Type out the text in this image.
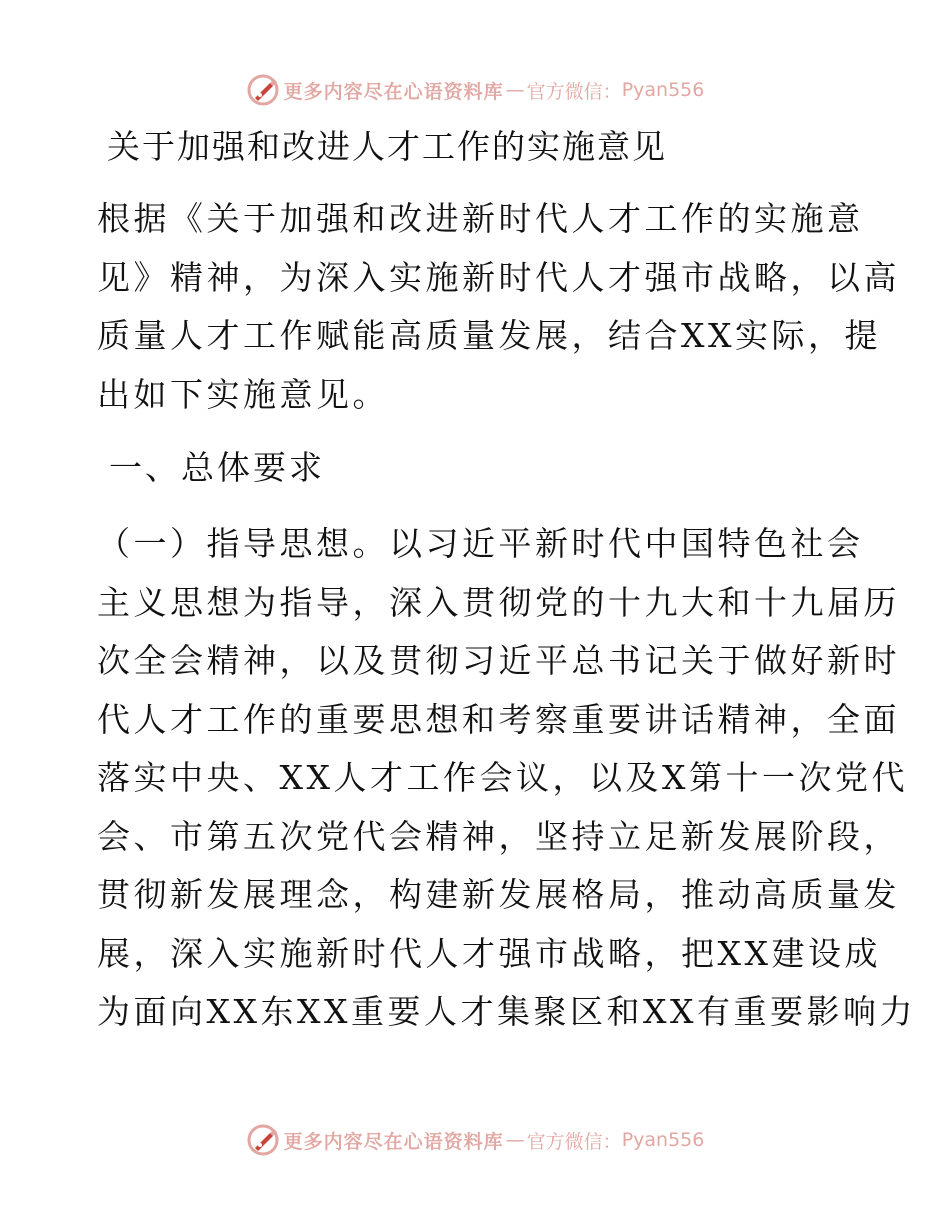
更多内容尽在心语资料库 — 官方微信： Pyan556
关于加强和改进人才工作的实施意见
根据《关于加强和改进新时代人才工作的实施意
见》精神，为深入实施新时代人才强市战略，以高
质量人才工作赋能高质量发展，结合XX实际，提
出如下实施意见。
一、总体要求
（一）指导思想。以习近平新时代中国特色社会
主义思想为指导，深入贯彻党的十九大和十九届历
次全会精神，以及贯彻习近平总书记关于做好新时
代人才工作的重要思想和考察重要讲话精神，全面
落实中央、XX人才工作会议，以及X第十一次党代
会、市第五次党代会精神，坚持立足新发展阶段，
贯彻新发展理念，构建新发展格局，推动高质量发
展，深入实施新时代人才强市战略，把XX建设成
为面向XX东XX重要人才集聚区和XX有重要影响力
更多内容尽在心语资料库 — 官方微信： Pyan556
